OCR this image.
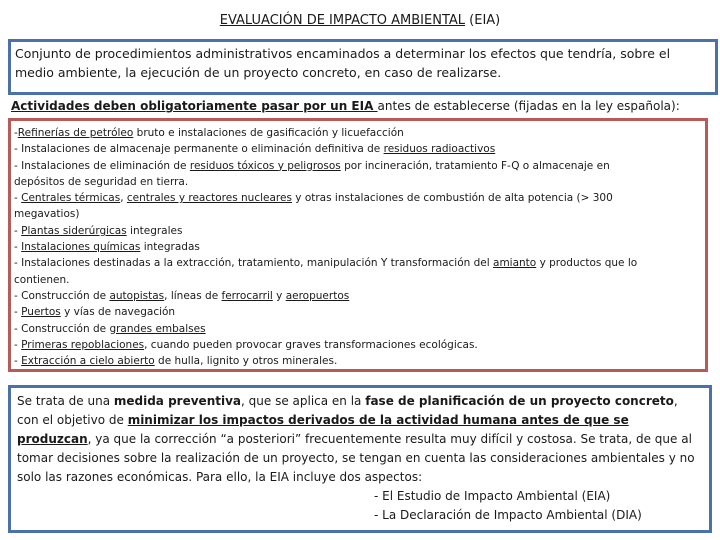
EVALUACIÓN DE IMPACTO AMBIENTAL (EIA)
Conjunto de procedimientos administrativos encaminados a determinar los efectos que tendría, sobre el medio ambiente, la ejecución de un proyecto concreto, en caso de realizarse.
Actividades deben obligatoriamente pasar por un EIA antes de establecerse (fijadas en la ley española):
-Refinerías de petróleo bruto e instalaciones de gasificación y licuefacción
- Instalaciones de almacenaje permanente o eliminación definitiva de residuos radioactivos
- Instalaciones de eliminación de residuos tóxicos y peligrosos por incineración, tratamiento F-Q o almacenaje en
depósitos de seguridad en tierra.
- Centrales térmicas, centrales y reactores nucleares y otras instalaciones de combustión de alta potencia (> 300
megavatios)
- Plantas siderúrgicas integrales
- Instalaciones químicas integradas
- Instalaciones destinadas a la extracción, tratamiento, manipulación Y transformación del amianto y productos que lo
contienen.
- Construcción de autopistas, líneas de ferrocarril y aeropuertos
- Puertos y vías de navegación
- Construcción de grandes embalses
- Primeras repoblaciones, cuando pueden provocar graves transformaciones ecológicas.
- Extracción a cielo abierto de hulla, lignito y otros minerales.
Se trata de una medida preventiva, que se aplica en la fase de planificación de un proyecto concreto, con el objetivo de minimizar los impactos derivados de la actividad humana antes de que se produzcan, ya que la corrección “a posteriori” frecuentemente resulta muy difícil y costosa. Se trata, de que al tomar decisiones sobre la realización de un proyecto, se tengan en cuenta las consideraciones ambientales y no solo las razones económicas. Para ello, la EIA incluye dos aspectos:
- El Estudio de Impacto Ambiental (EIA)
- La Declaración de Impacto Ambiental (DIA)
